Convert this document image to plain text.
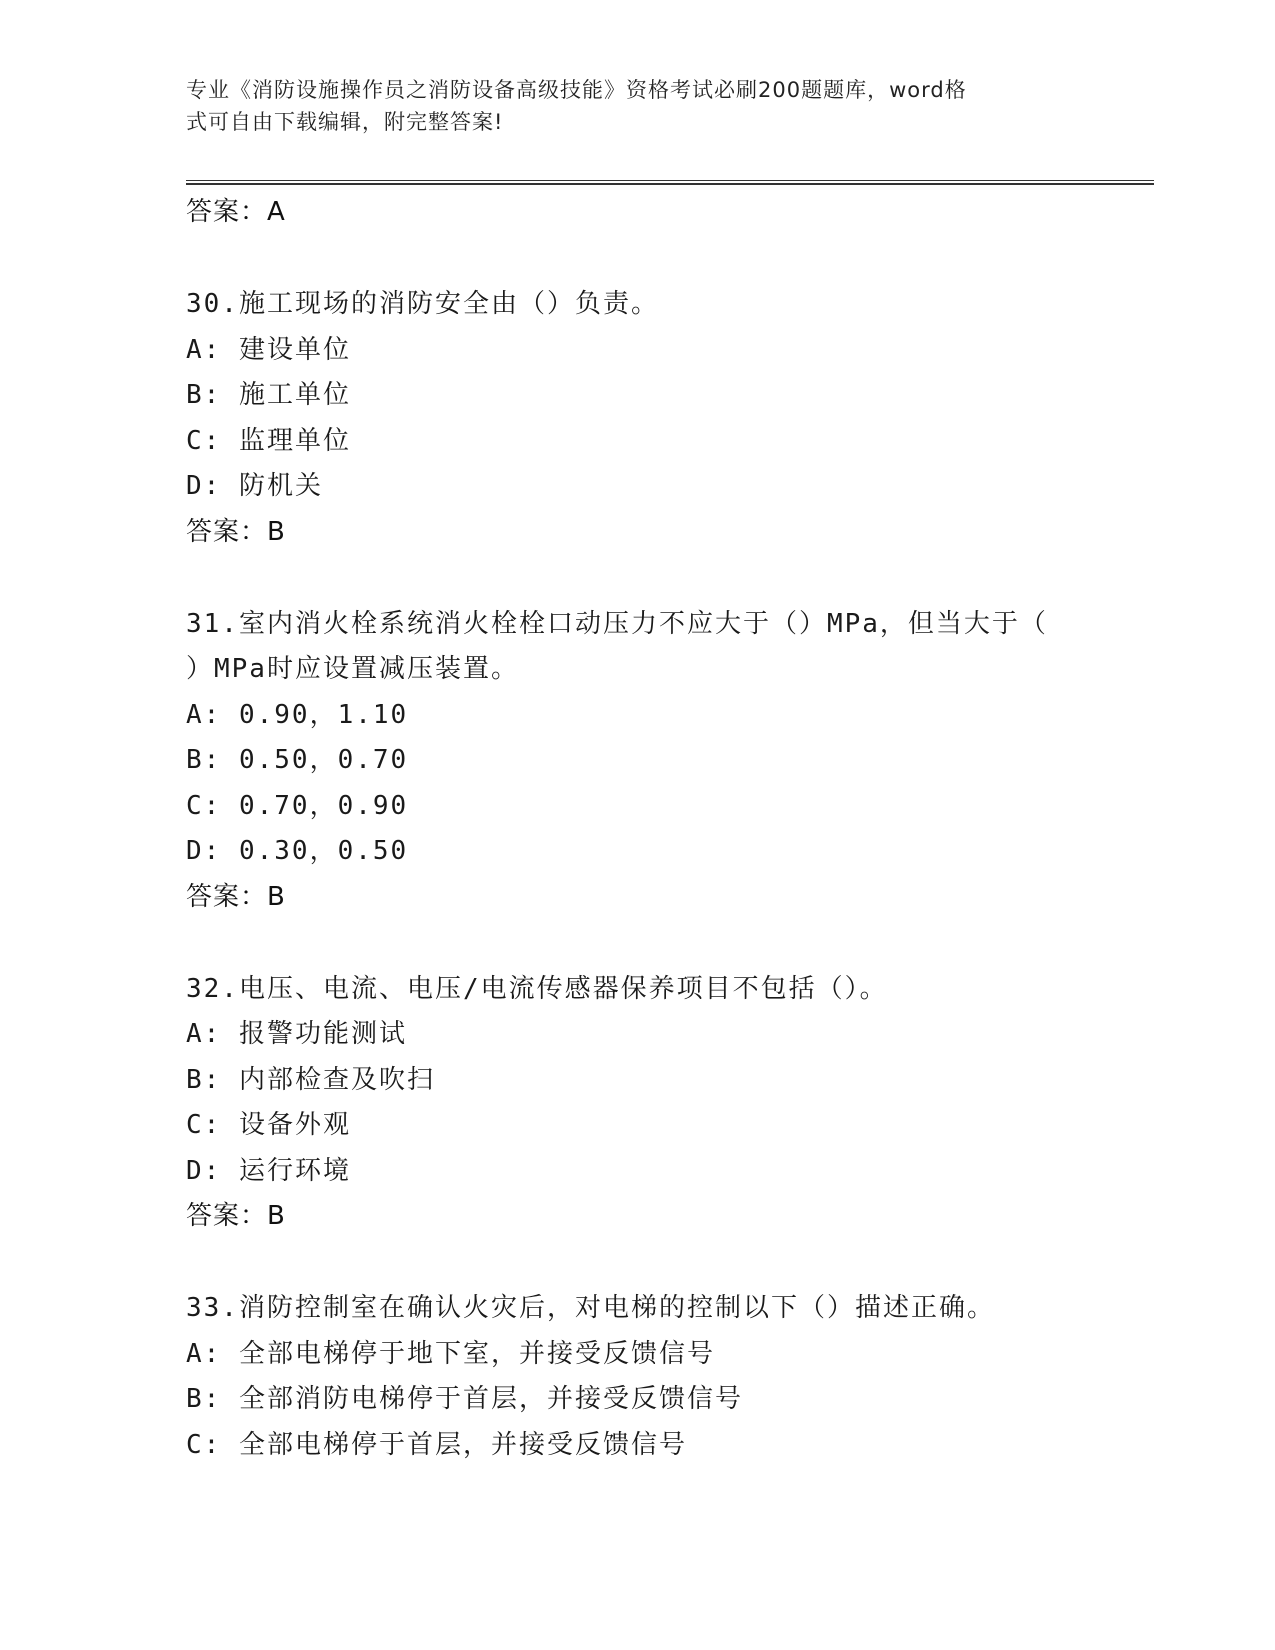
专业《消防设施操作员之消防设备高级技能》资格考试必刷200题题库，word格
式可自由下载编辑，附完整答案!
答案：A
30.施工现场的消防安全由（）负责。
A: 建设单位
B: 施工单位
C: 监理单位
D: 防机关
答案：B
31.室内消火栓系统消火栓栓口动压力不应大于（）MPa，但当大于（
）MPa时应设置减压装置。
A: 0.90，1.10
B: 0.50，0.70
C: 0.70，0.90
D: 0.30，0.50
答案：B
32.电压、电流、电压/电流传感器保养项目不包括（）。
A: 报警功能测试
B: 内部检查及吹扫
C: 设备外观
D: 运行环境
答案：B
33.消防控制室在确认火灾后，对电梯的控制以下（）描述正确。
A: 全部电梯停于地下室，并接受反馈信号
B: 全部消防电梯停于首层，并接受反馈信号
C: 全部电梯停于首层，并接受反馈信号
